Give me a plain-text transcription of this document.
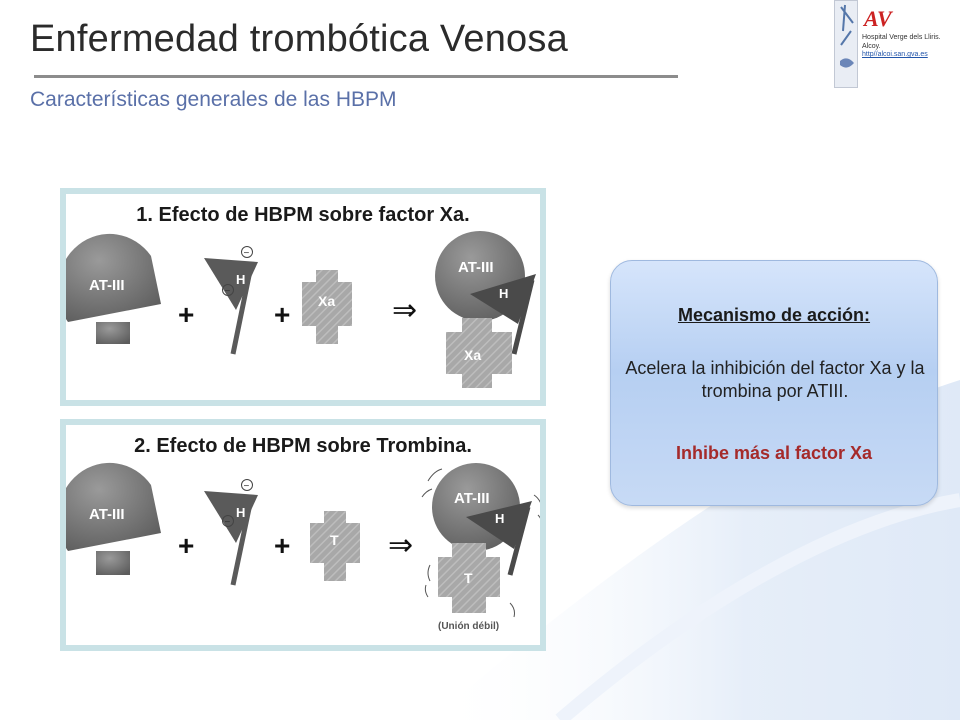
Enfermedad trombótica Venosa
Características generales de las HBPM
AV
Hospital Verge dels Lliris.
Alcoy.
http//alcoi.san.gva.es
1. Efecto de HBPM sobre factor Xa.
AT-III
+
H
−
−
+ Xa ⇒
AT-III
H
Xa
2. Efecto de HBPM sobre Trombina.
AT-III
+
H
−
−
+	T ⇒
AT-III
H
T
(Unión débil)
Mecanismo de acción:
Acelera la inhibición del factor Xa y la trombina por ATIII.
Inhibe más al factor Xa
